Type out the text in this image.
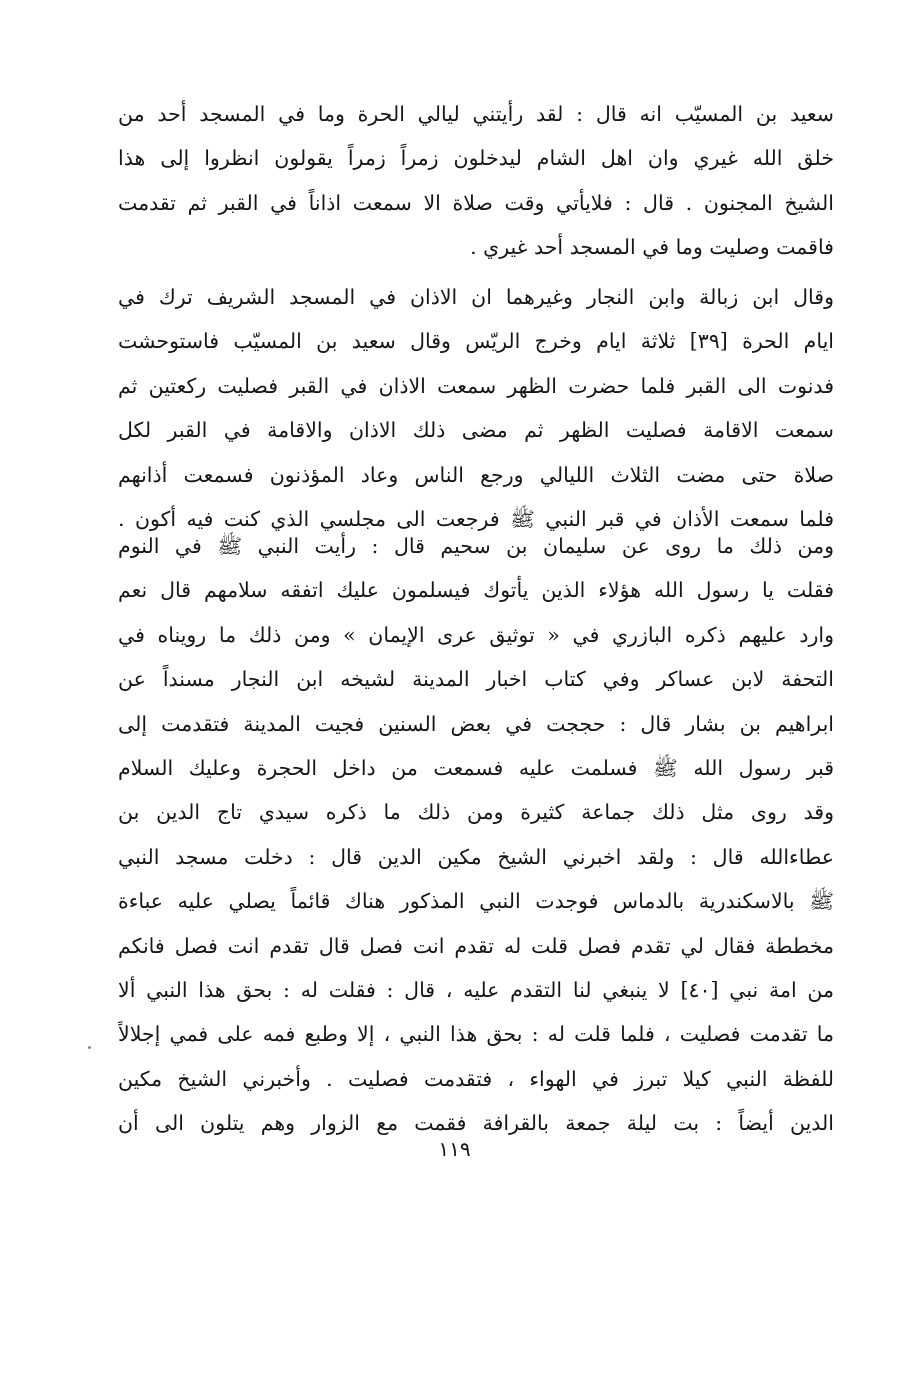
سعيد بن المسيّب انه قال : لقد رأيتني ليالي الحرة وما في المسجد أحد من
خلق الله غيري وان اهل الشام ليدخلون زمراً زمراً يقولون انظروا إلى هذا
الشيخ المجنون . قال : فلايأتي وقت صلاة الا سمعت اذاناً في القبر ثم تقدمت
فاقمت وصليت وما في المسجد أحد غيري .
وقال ابن زبالة وابن النجار وغيرهما ان الاذان في المسجد الشريف ترك في
ايام الحرة [٣٩] ثلاثة ايام وخرج الريّس وقال سعيد بن المسيّب فاستوحشت
فدنوت الى القبر فلما حضرت الظهر سمعت الاذان في القبر فصليت ركعتين ثم
سمعت الاقامة فصليت الظهر ثم مضى ذلك الاذان والاقامة في القبر لكل
صلاة حتى مضت الثلاث الليالي ورجع الناس وعاد المؤذنون فسمعت أذانهم
فلما سمعت الأذان في قبر النبي ﷺ فرجعت الى مجلسي الذي كنت فيه أكون .
ومن ذلك ما روى عن سليمان بن سحيم قال : رأيت النبي ﷺ في النوم
فقلت يا رسول الله هؤلاء الذين يأتوك فيسلمون عليك اتفقه سلامهم قال نعم
وارد عليهم ذكره البازري في « توثيق عرى الإيمان » ومن ذلك ما رويناه في
التحفة لابن عساكر وفي كتاب اخبار المدينة لشيخه ابن النجار مسنداً عن
ابراهيم بن بشار قال : حججت في بعض السنين فجيت المدينة فتقدمت إلى
قبر رسول الله ﷺ فسلمت عليه فسمعت من داخل الحجرة وعليك السلام
وقد روى مثل ذلك جماعة كثيرة ومن ذلك ما ذكره سيدي تاج الدين بن
عطاءالله قال : ولقد اخبرني الشيخ مكين الدين قال : دخلت مسجد النبي
ﷺ بالاسكندرية بالدماس فوجدت النبي المذكور هناك قائماً يصلي عليه عباءة
مخططة فقال لي تقدم فصل قلت له تقدم انت فصل قال تقدم انت فصل فانكم
من امة نبي [٤٠] لا ينبغي لنا التقدم عليه ، قال : فقلت له : بحق هذا النبي ألا
ما تقدمت فصليت ، فلما قلت له : بحق هذا النبي ، إلا وطبع فمه على فمي إجلالاً
للفظة النبي كيلا تبرز في الهواء ، فتقدمت فصليت . وأخبرني الشيخ مكين
الدين أيضاً : بت ليلة جمعة بالقرافة فقمت مع الزوار وهم يتلون الى أن
١١٩
